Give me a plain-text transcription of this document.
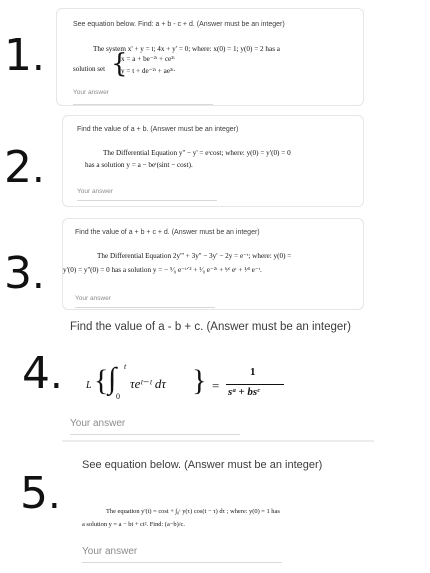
1.
See equation below. Find: a + b - c + d. (Answer must be an integer)
The system x' + y = t; 4x + y' = 0; where: x(0) = 1; y(0) = 2 has a
solution set {
x = a + be⁻²ᵗ + ce²ᵗ
y = t + de⁻²ᵗ + ae²ᵗ·
Your answer
2.
Find the value of a + b. (Answer must be an integer)
The Differential Equation y'' − y' = eᵗcost; where: y(0) = y'(0) = 0
has a solution y = a − beᵗ(sint − cost).
Your answer
3.
Find the value of a + b + c + d. (Answer must be an integer)
The Differential Equation 2y''' + 3y'' − 3y' − 2y = e⁻ᵗ; where: y(0) =
y'(0) = y''(0) = 0 has a solution y = − ⁵⁄₉ e⁻ᵗᐟ² + ¹⁄₉ e⁻²ᵗ + ᵇ⁄ᶜ eᵗ + ¹⁄ᵈ e⁻ᵗ.
Your answer
4.
Find the value of a - b + c. (Answer must be an integer)
L { ∫ t
0
τeᵗ⁻ᵗ dτ } =
1
sᵃ + bsᶜ
Your answer
5.
See equation below. (Answer must be an integer)
The equation y'(t) = cost + ∫₀ᵗ y(τ) cos(t − τ) dτ ; where: y(0) = 1 has
a solution y = a − bt + ct². Find: (a−b)/c.
Your answer
